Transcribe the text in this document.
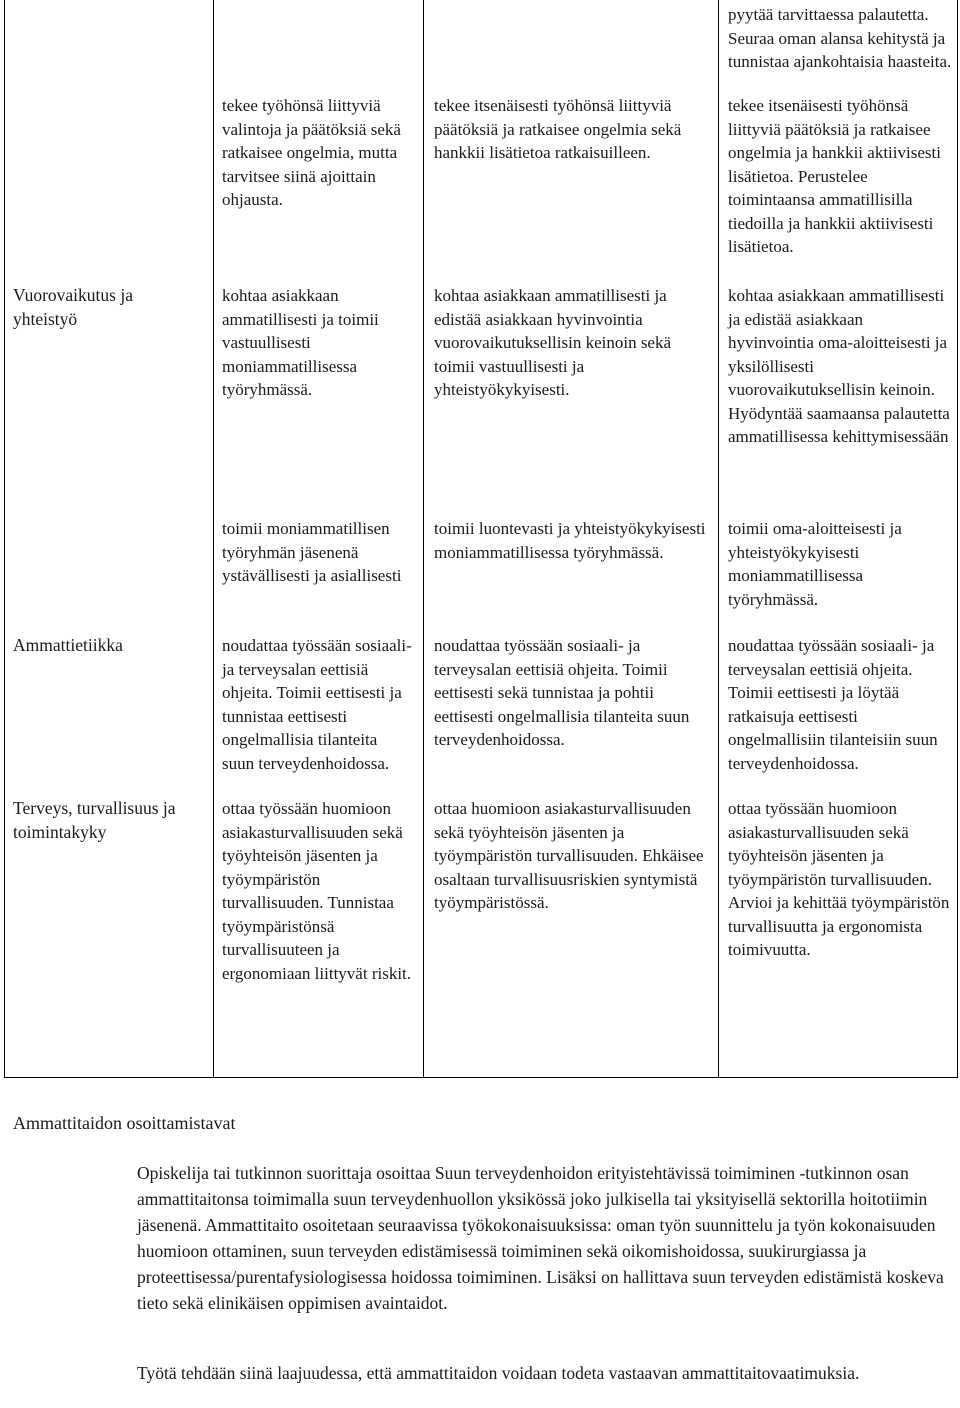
Vuorovaikutus ja yhteistyö
Ammattietiikka
Terveys, turvallisuus ja toimintakyky
tekee työhönsä liittyviä valintoja ja päätöksiä sekä ratkaisee ongelmia, mutta tarvitsee siinä ajoittain ohjausta.
kohtaa asiakkaan ammatillisesti ja toimii vastuullisesti moniammatillisessa työryhmässä.
toimii moniammatillisen työryhmän jäsenenä ystävällisesti ja asiallisesti
noudattaa työssään sosiaali- ja terveysalan eettisiä ohjeita. Toimii eettisesti ja tunnistaa eettisesti ongelmallisia tilanteita suun terveydenhoidossa.
ottaa työssään huomioon asiakasturvallisuuden sekä työyhteisön jäsenten ja työympäristön turvallisuuden. Tunnistaa työympäristönsä turvallisuuteen ja ergonomiaan liittyvät riskit.
tekee itsenäisesti työhönsä liittyviä päätöksiä ja ratkaisee ongelmia sekä hankkii lisätietoa ratkaisuilleen.
kohtaa asiakkaan ammatillisesti ja edistää asiakkaan hyvinvointia vuorovaikutuksellisin keinoin sekä toimii vastuullisesti ja yhteistyökykyisesti.
toimii luontevasti ja yhteistyökykyisesti moniammatillisessa työryhmässä.
noudattaa työssään sosiaali- ja terveysalan eettisiä ohjeita. Toimii eettisesti sekä tunnistaa ja pohtii eettisesti ongelmallisia tilanteita suun terveydenhoidossa.
ottaa huomioon asiakasturvallisuuden sekä työyhteisön jäsenten ja työympäristön turvallisuuden. Ehkäisee osaltaan turvallisuusriskien syntymistä työympäristössä.
pyytää tarvittaessa palautetta. Seuraa oman alansa kehitystä ja tunnistaa ajankohtaisia haasteita.
tekee itsenäisesti työhönsä liittyviä päätöksiä ja ratkaisee ongelmia ja hankkii aktiivisesti lisätietoa. Perustelee toimintaansa ammatillisilla tiedoilla ja hankkii aktiivisesti lisätietoa.
kohtaa asiakkaan ammatillisesti ja edistää asiakkaan hyvinvointia oma-aloitteisesti ja yksilöllisesti vuorovaikutuksellisin keinoin. Hyödyntää saamaansa palautetta ammatillisessa kehittymisessään
toimii oma-aloitteisesti ja yhteistyökykyisesti moniammatillisessa työryhmässä.
noudattaa työssään sosiaali- ja terveysalan eettisiä ohjeita. Toimii eettisesti ja löytää ratkaisuja eettisesti ongelmallisiin tilanteisiin suun terveydenhoidossa.
ottaa työssään huomioon asiakasturvallisuuden sekä työyhteisön jäsenten ja työympäristön turvallisuuden. Arvioi ja kehittää työympäristön turvallisuutta ja ergonomista toimivuutta.
Ammattitaidon osoittamistavat
Opiskelija tai tutkinnon suorittaja osoittaa Suun terveydenhoidon erityistehtävissä toimiminen -tutkinnon osan ammattitaitonsa toimimalla suun terveydenhuollon yksikössä joko julkisella tai yksityisellä sektorilla hoitotiimin jäsenenä. Ammattitaito osoitetaan seuraavissa työkokonaisuuksissa: oman työn suunnittelu ja työn kokonaisuuden huomioon ottaminen, suun terveyden edistämisessä toimiminen sekä oikomishoidossa, suukirurgiassa ja proteettisessa/purentafysiologisessa hoidossa toimiminen. Lisäksi on hallittava suun terveyden edistämistä koskeva tieto sekä elinikäisen oppimisen avaintaidot.
Työtä tehdään siinä laajuudessa, että ammattitaidon voidaan todeta vastaavan ammattitaitovaatimuksia.
